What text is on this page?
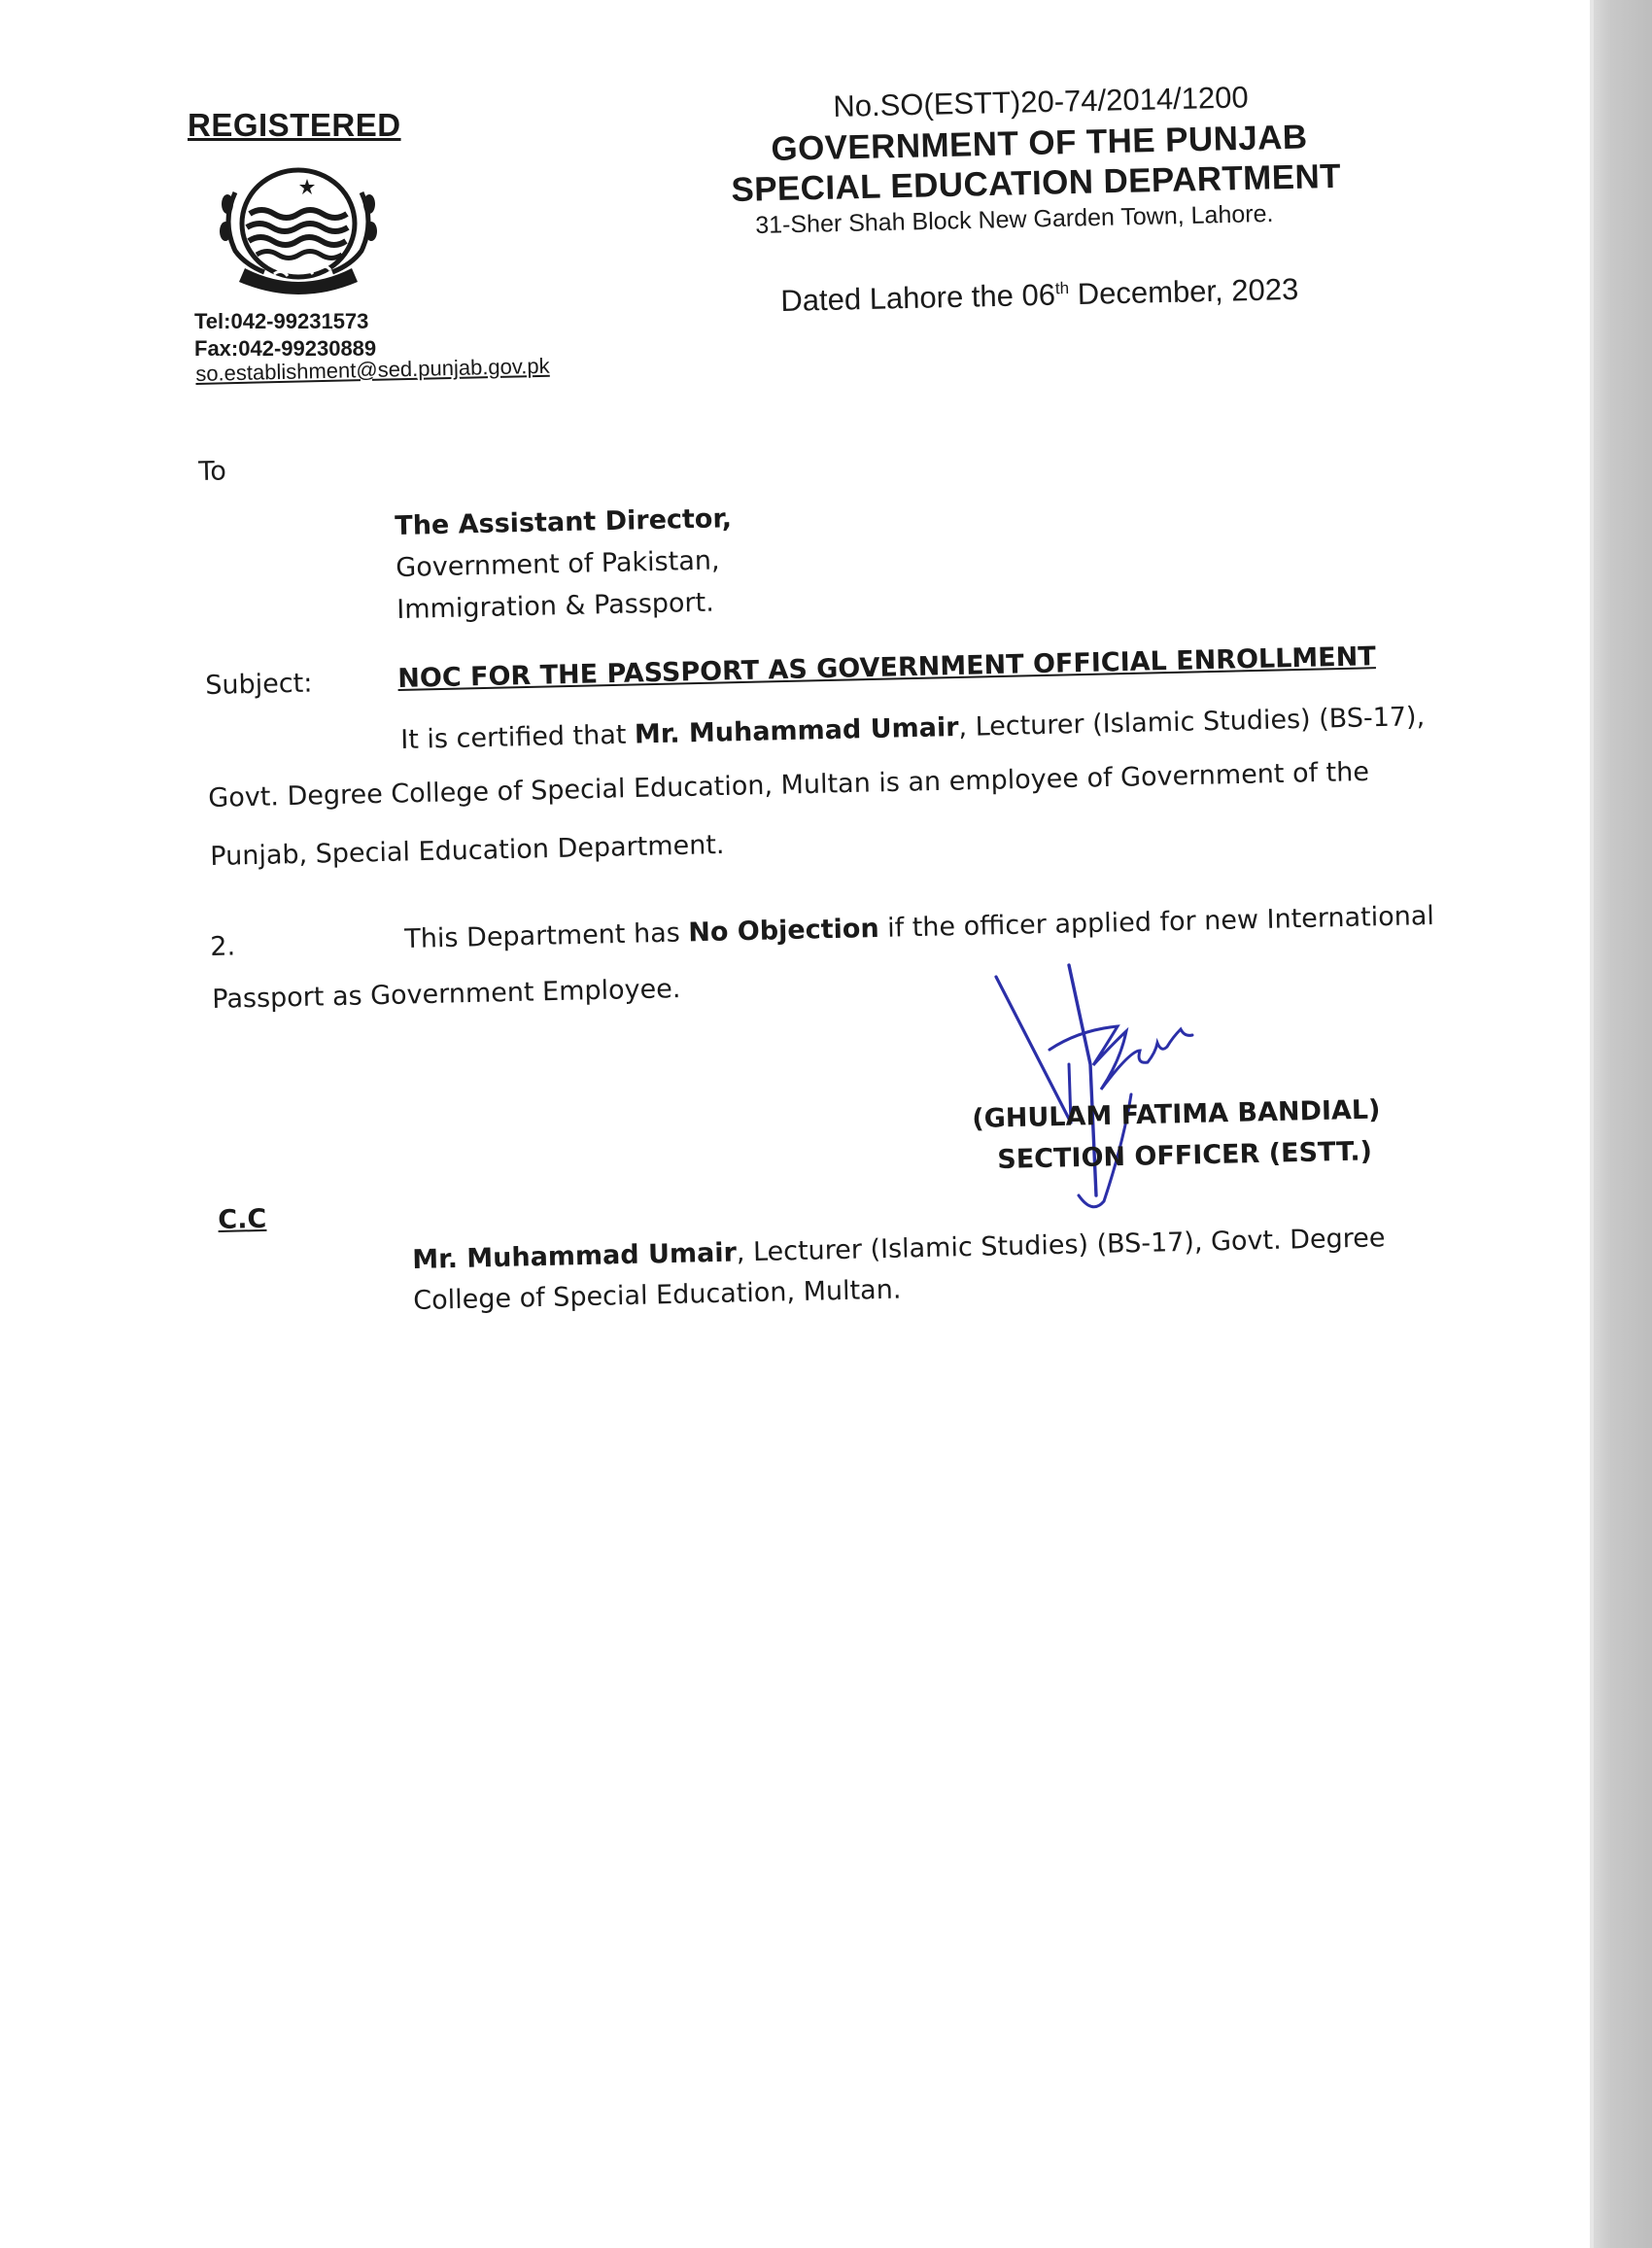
REGISTERED
Tel:042-99231573
Fax:042-99230889
so.establishment@sed.punjab.gov.pk
No.SO(ESTT)20-74/2014/1200
GOVERNMENT OF THE PUNJAB
SPECIAL EDUCATION DEPARTMENT
31-Sher Shah Block New Garden Town, Lahore.
Dated Lahore the 06th December, 2023
To
The Assistant Director,
Government of Pakistan,
Immigration & Passport.
Subject:	NOC FOR THE PASSPORT AS GOVERNMENT OFFICIAL ENROLLMENT
It is certified that Mr. Muhammad Umair, Lecturer (Islamic Studies) (BS-17),
Govt. Degree College of Special Education, Multan is an employee of Government of the
Punjab, Special Education Department.
2.	This Department has No Objection if the officer applied for new International
Passport as Government Employee.
(GHULAM FATIMA BANDIAL)
SECTION OFFICER (ESTT.)
C.C
Mr. Muhammad Umair, Lecturer (Islamic Studies) (BS-17), Govt. Degree
College of Special Education, Multan.
